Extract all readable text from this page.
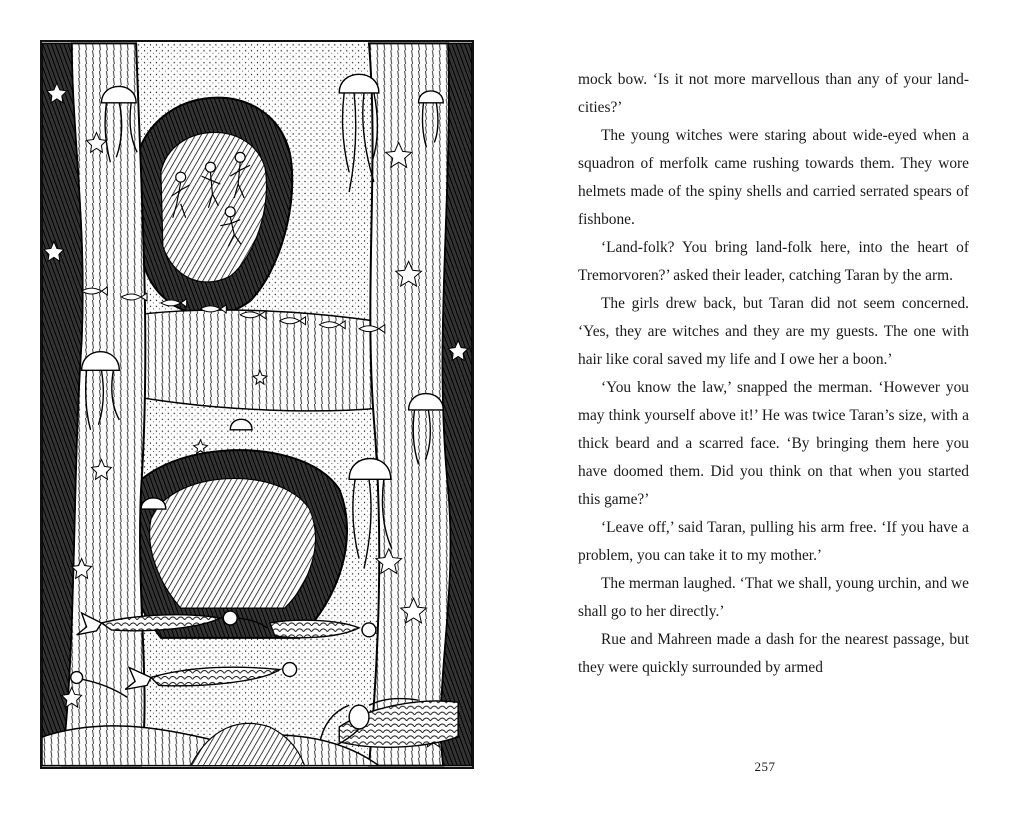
mock bow. ‘Is it not more marvellous than any of your land-cities?’

The young witches were staring about wide-eyed when a squadron of merfolk came rushing towards them. They wore helmets made of the spiny shells and carried serrated spears of fishbone.

‘Land-folk? You bring land-folk here, into the heart of Tremorvoren?’ asked their leader, catching Taran by the arm.

The girls drew back, but Taran did not seem concerned. ‘Yes, they are witches and they are my guests. The one with hair like coral saved my life and I owe her a boon.’

‘You know the law,’ snapped the merman. ‘However you may think yourself above it!’ He was twice Taran’s size, with a thick beard and a scarred face. ‘By bringing them here you have doomed them. Did you think on that when you started this game?’

‘Leave off,’ said Taran, pulling his arm free. ‘If you have a problem, you can take it to my mother.’

The merman laughed. ‘That we shall, young urchin, and we shall go to her directly.’

Rue and Mahreen made a dash for the nearest passage, but they were quickly surrounded by armed

257
